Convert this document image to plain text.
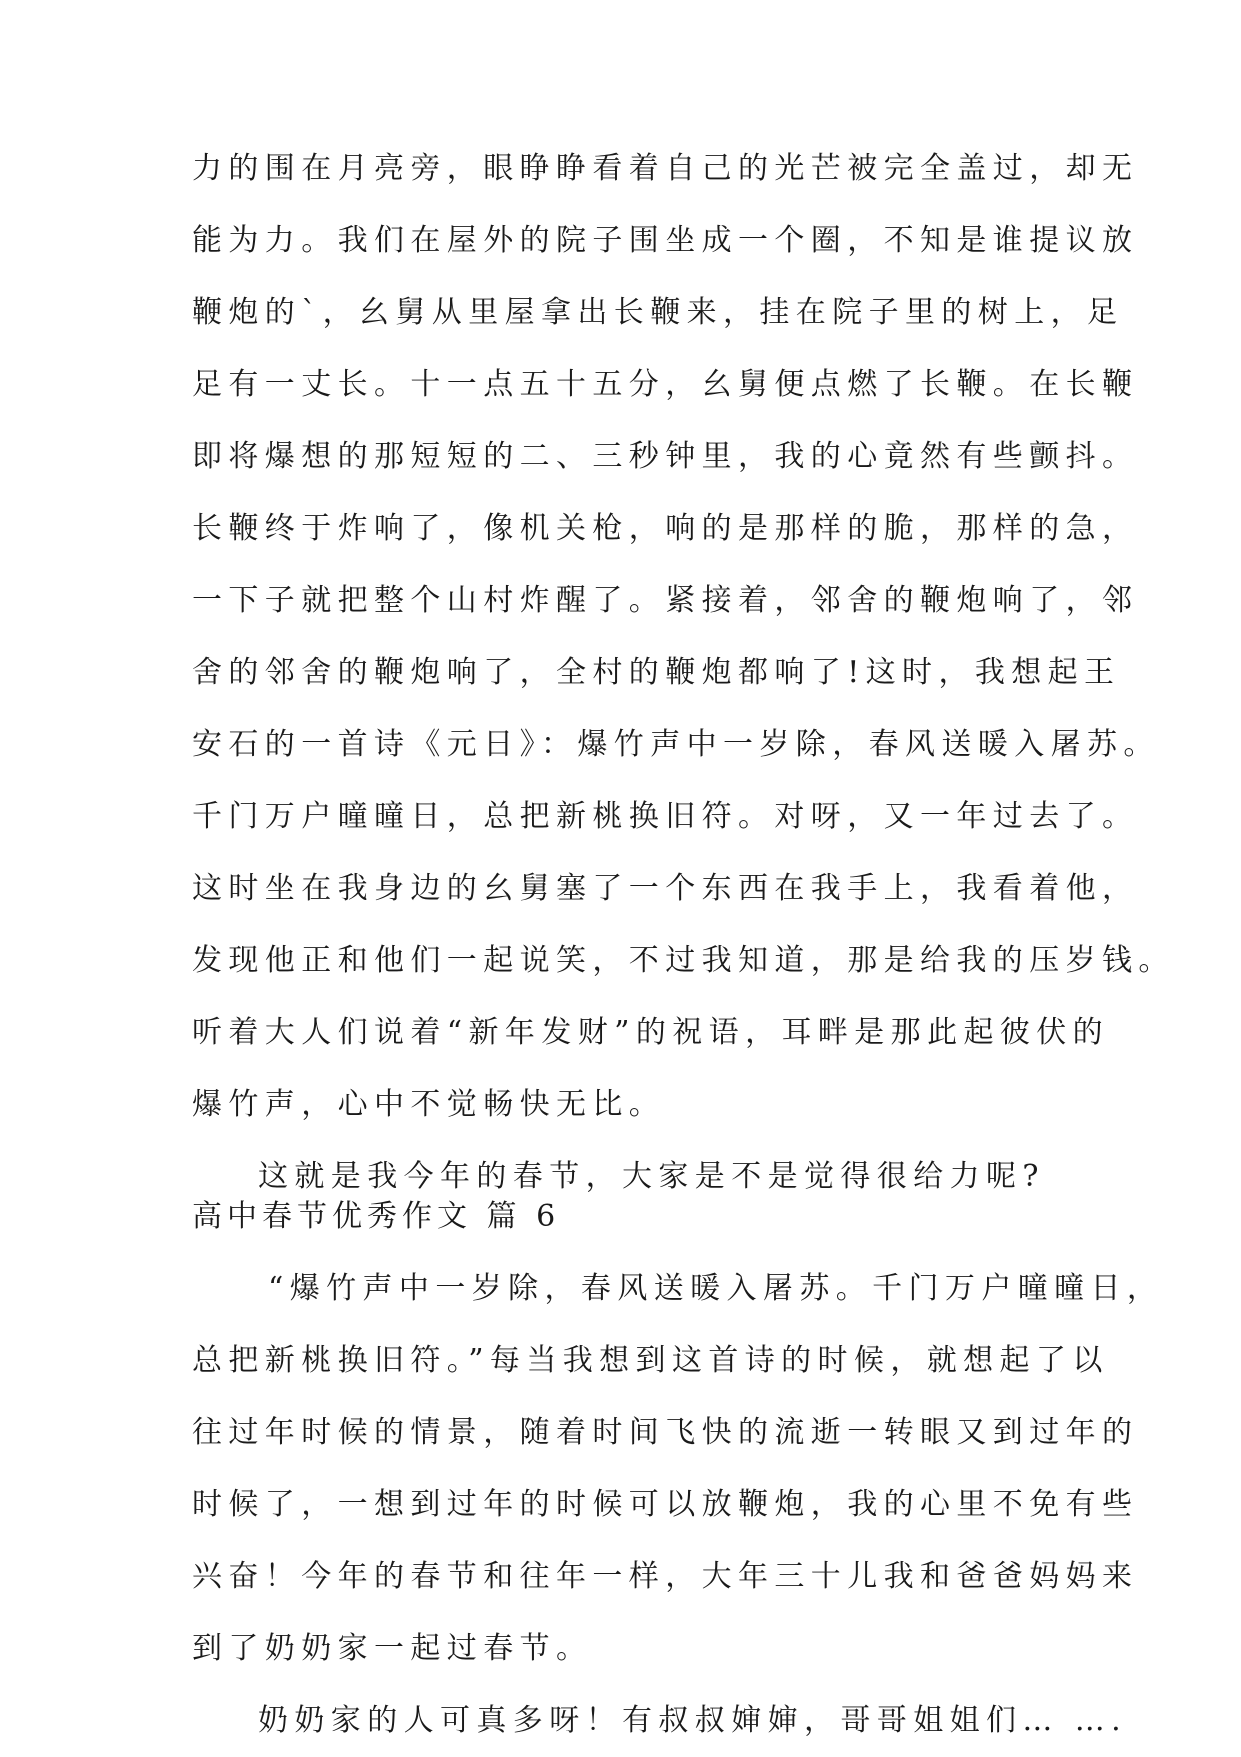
力的围在月亮旁，眼睁睁看着自己的光芒被完全盖过，却无
能为力。我们在屋外的院子围坐成一个圈，不知是谁提议放
鞭炮的`，幺舅从里屋拿出长鞭来，挂在院子里的树上，足
足有一丈长。十一点五十五分，幺舅便点燃了长鞭。在长鞭
即将爆想的那短短的二、三秒钟里，我的心竟然有些颤抖。
长鞭终于炸响了，像机关枪，响的是那样的脆，那样的急，
一下子就把整个山村炸醒了。紧接着，邻舍的鞭炮响了，邻
舍的邻舍的鞭炮响了，全村的鞭炮都响了!这时，我想起王
安石的一首诗《元日》：爆竹声中一岁除，春风送暖入屠苏。
千门万户曈曈日，总把新桃换旧符。对呀，又一年过去了。
这时坐在我身边的幺舅塞了一个东西在我手上，我看着他，
发现他正和他们一起说笑，不过我知道，那是给我的压岁钱。
听着大人们说着“新年发财”的祝语，耳畔是那此起彼伏的
爆竹声，心中不觉畅快无比。
这就是我今年的春节，大家是不是觉得很给力呢?
高中春节优秀作文 篇 6
“爆竹声中一岁除，春风送暖入屠苏。千门万户曈曈日，
总把新桃换旧符。”每当我想到这首诗的时候，就想起了以
往过年时候的情景，随着时间飞快的流逝一转眼又到过年的
时候了，一想到过年的时候可以放鞭炮，我的心里不免有些
兴奋！今年的春节和往年一样，大年三十儿我和爸爸妈妈来
到了奶奶家一起过春节。
奶奶家的人可真多呀！有叔叔婶婶，哥哥姐姐们… ….
